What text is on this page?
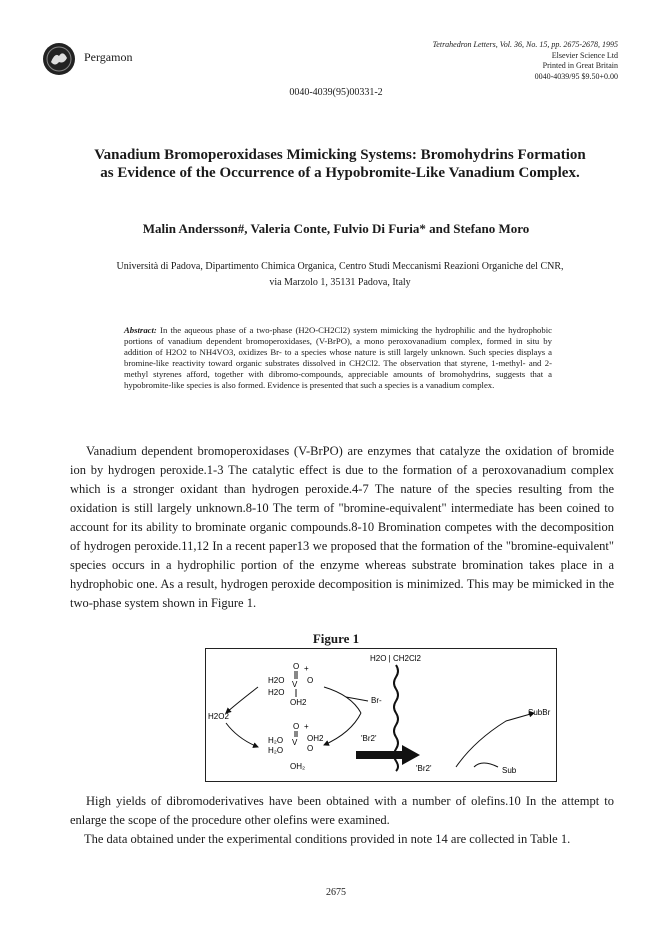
Pergamon
Tetrahedron Letters, Vol. 36, No. 15, pp. 2675-2678, 1995
Elsevier Science Ltd
Printed in Great Britain
0040-4039/95 $9.50+0.00
0040-4039(95)00331-2
Vanadium Bromoperoxidases Mimicking Systems: Bromohydrins Formation as Evidence of the Occurrence of a Hypobromite-Like Vanadium Complex.
Malin Andersson#, Valeria Conte, Fulvio Di Furia* and Stefano Moro
Università di Padova, Dipartimento Chimica Organica, Centro Studi Meccanismi Reazioni Organiche del CNR,
via Marzolo 1, 35131 Padova, Italy
Abstract: In the aqueous phase of a two-phase (H2O-CH2Cl2) system mimicking the hydrophilic and the hydrophobic portions of vanadium dependent bromoperoxidases, (V-BrPO), a mono peroxovanadium complex, formed in situ by addition of H2O2 to NH4VO3, oxidizes Br- to a species whose nature is still largely unknown. Such species displays a bromine-like reactivity toward organic substrates dissolved in CH2Cl2. The observation that styrene, 1-methyl- and 2-methyl styrenes afford, together with dibromo-compounds, appreciable amounts of bromohydrins, suggests that a hypobromite-like species is also formed. Evidence is presented that such a species is a vanadium complex.
Vanadium dependent bromoperoxidases (V-BrPO) are enzymes that catalyze the oxidation of bromide ion by hydrogen peroxide.1-3 The catalytic effect is due to the formation of a peroxovanadium complex which is a stronger oxidant than hydrogen peroxide.4-7 The nature of the species resulting from the oxidation is still largely unknown.8-10 The term of "bromine-equivalent" intermediate has been coined to account for its ability to brominate organic compounds.8-10 Bromination competes with the decomposition of hydrogen peroxide.11,12 In a recent paper13 we proposed that the formation of the "bromine-equivalent" species occurs in a hydrophilic portion of the enzyme whereas substrate bromination takes place in a hydrophobic one. As a result, hydrogen peroxide decomposition is minimized. This may be mimicked in the two-phase system shown in Figure 1.
Figure 1
H2O | CH2Cl2
O +
H2O V O
H2O
OH2
O +
H₂O V OH2
O
H₂O
OH₂
H2O2
Br-
'Br2'
'Br2'
SubBr
Sub
High yields of dibromoderivatives have been obtained with a number of olefins.10 In the attempt to enlarge the scope of the procedure other olefins were examined.
The data obtained under the experimental conditions provided in note 14 are collected in Table 1.
2675
